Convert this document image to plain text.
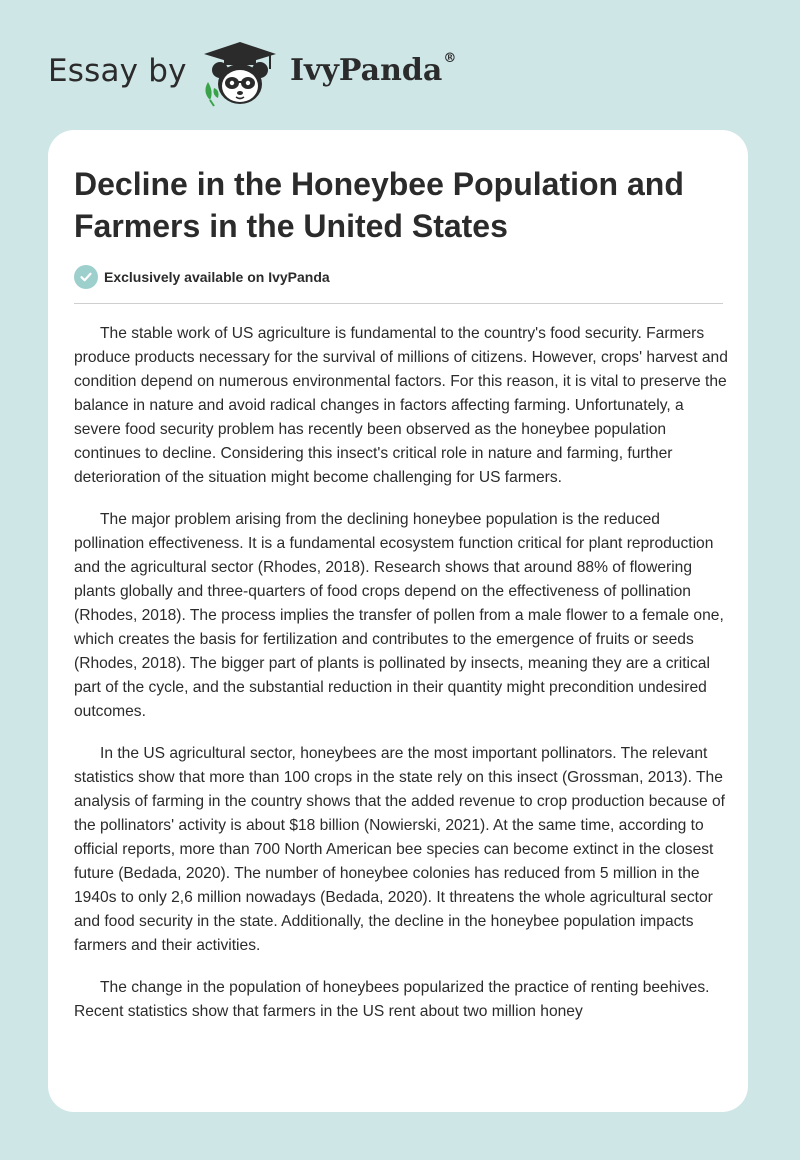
Essay by	IvyPanda®
Decline in the Honeybee Population and Farmers in the United States
Exclusively available on IvyPanda

The stable work of US agriculture is fundamental to the country's food security. Farmers produce products necessary for the survival of millions of citizens. However, crops' harvest and condition depend on numerous environmental factors. For this reason, it is vital to preserve the balance in nature and avoid radical changes in factors affecting farming. Unfortunately, a severe food security problem has recently been observed as the honeybee population continues to decline. Considering this insect's critical role in nature and farming, further deterioration of the situation might become challenging for US farmers.

The major problem arising from the declining honeybee population is the reduced pollination effectiveness. It is a fundamental ecosystem function critical for plant reproduction and the agricultural sector (Rhodes, 2018). Research shows that around 88% of flowering plants globally and three-quarters of food crops depend on the effectiveness of pollination (Rhodes, 2018). The process implies the transfer of pollen from a male flower to a female one, which creates the basis for fertilization and contributes to the emergence of fruits or seeds (Rhodes, 2018). The bigger part of plants is pollinated by insects, meaning they are a critical part of the cycle, and the substantial reduction in their quantity might precondition undesired outcomes.

In the US agricultural sector, honeybees are the most important pollinators. The relevant statistics show that more than 100 crops in the state rely on this insect (Grossman, 2013). The analysis of farming in the country shows that the added revenue to crop production because of the pollinators' activity is about $18 billion (Nowierski, 2021). At the same time, according to official reports, more than 700 North American bee species can become extinct in the closest future (Bedada, 2020). The number of honeybee colonies has reduced from 5 million in the 1940s to only 2,6 million nowadays (Bedada, 2020). It threatens the whole agricultural sector and food security in the state. Additionally, the decline in the honeybee population impacts farmers and their activities.

The change in the population of honeybees popularized the practice of renting beehives. Recent statistics show that farmers in the US rent about two million honey
